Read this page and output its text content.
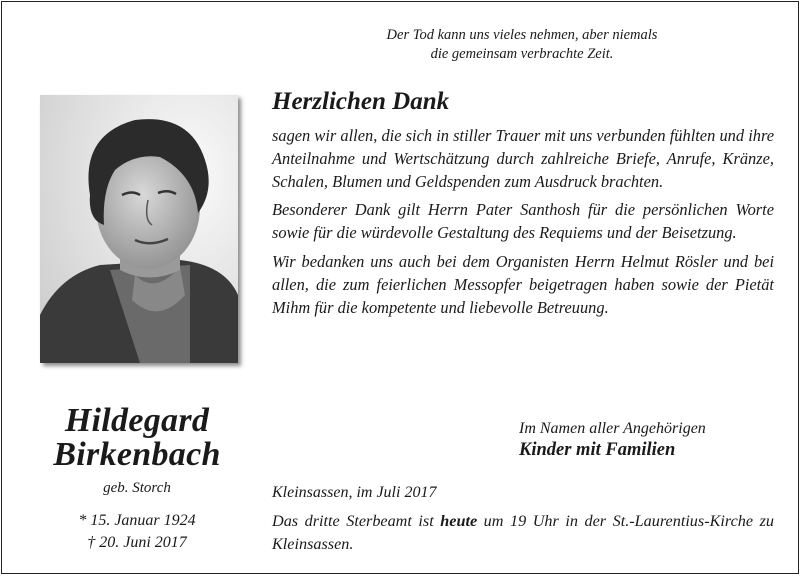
Der Tod kann uns vieles nehmen, aber niemals
die gemeinsam verbrachte Zeit.
Hildegard
Birkenbach
geb. Storch
* 15. Januar 1924
† 20. Juni 2017
Herzlichen Dank

sagen wir allen, die sich in stiller Trauer mit uns verbunden fühlten und ihre Anteilnahme und Wertschätzung durch zahlreiche Briefe, Anrufe, Kränze, Schalen, Blumen und Geldspenden zum Ausdruck brachten.

Besonderer Dank gilt Herrn Pater Santhosh für die persönlichen Worte sowie für die würdevolle Gestaltung des Requiems und der Beisetzung.

Wir bedanken uns auch bei dem Organisten Herrn Helmut Rösler und bei allen, die zum feierlichen Messopfer beigetragen haben sowie der Pietät Mihm für die kompetente und liebevolle Betreuung.

Im Namen aller Angehörigen
Kinder mit Familien
Kleinsassen, im Juli 2017
Das dritte Sterbeamt ist heute um 19 Uhr in der St.-Laurentius-Kirche zu Kleinsassen.
